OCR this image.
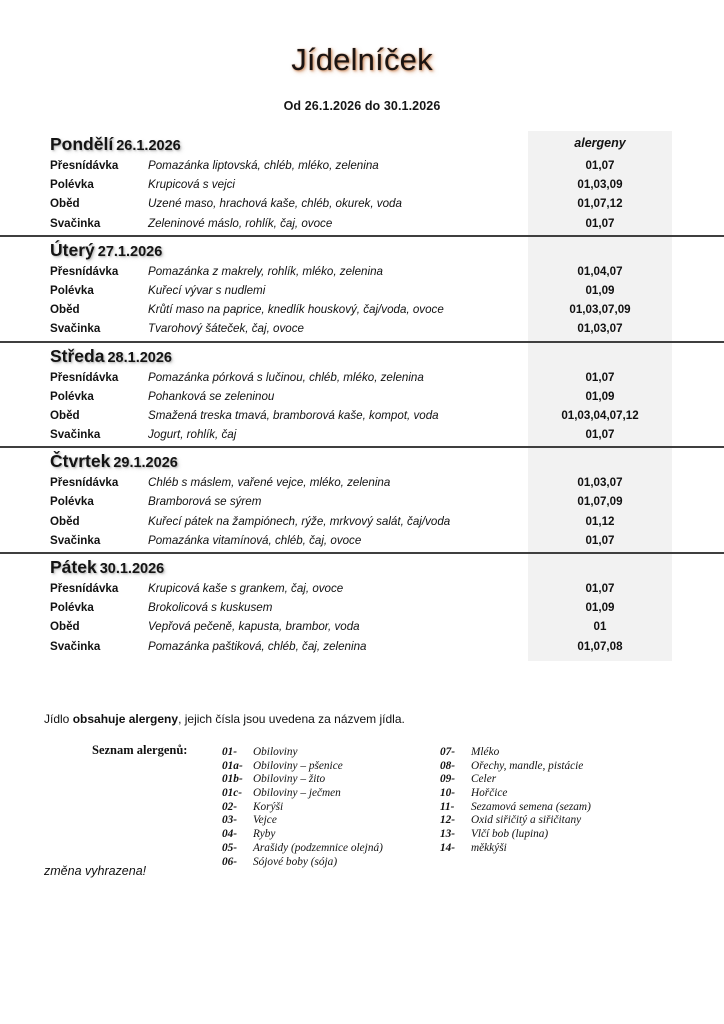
Jídelníček
Od 26.1.2026 do 30.1.2026
Pondělí 26.1.2026	alergeny
Přesnídávka	Pomazánka liptovská, chléb, mléko, zelenina	01,07
Polévka	Krupicová s vejci	01,03,09
Oběd	Uzené maso, hrachová kaše, chléb, okurek, voda	01,07,12
Svačinka	Zeleninové máslo, rohlík, čaj, ovoce	01,07
Úterý 27.1.2026
Přesnídávka	Pomazánka z makrely, rohlík, mléko, zelenina	01,04,07
Polévka	Kuřecí vývar s nudlemi	01,09
Oběd	Krůtí maso na paprice, knedlík houskový, čaj/voda, ovoce	01,03,07,09
Svačinka	Tvarohový šáteček, čaj, ovoce	01,03,07
Středa 28.1.2026
Přesnídávka	Pomazánka pórková s lučinou, chléb, mléko, zelenina	01,07
Polévka	Pohanková se zeleninou	01,09
Oběd	Smažená treska tmavá, bramborová kaše, kompot, voda	01,03,04,07,12
Svačinka	Jogurt, rohlík, čaj	01,07
Čtvrtek 29.1.2026
Přesnídávka	Chléb s máslem, vařené vejce, mléko, zelenina	01,03,07
Polévka	Bramborová se sýrem	01,07,09
Oběd	Kuřecí pátek na žampiónech, rýže, mrkvový salát, čaj/voda	01,12
Svačinka	Pomazánka vitamínová, chléb, čaj, ovoce	01,07
Pátek 30.1.2026
Přesnídávka	Krupicová kaše s grankem, čaj, ovoce	01,07
Polévka	Brokolicová s kuskusem	01,09
Oběd	Vepřová pečeně, kapusta, brambor, voda	01
Svačinka	Pomazánka paštiková, chléb, čaj, zelenina	01,07,08
Jídlo obsahuje alergeny, jejich čísla jsou uvedena za názvem jídla.
Seznam alergenů:	01- Obiloviny
01a- Obiloviny – pšenice
01b- Obiloviny – žito
01c- Obiloviny – ječmen
02- Korýši
03- Vejce
04- Ryby
05- Arašidy (podzemnice olejná)
06- Sójové boby (sója)
07- Mléko
08- Ořechy, mandle, pistácie
09- Celer
10- Hořčice
11- Sezamová semena (sezam)
12- Oxid siřičitý a siřičitany
13- Vlčí bob (lupina)
14- měkkýši
změna vyhrazena!
